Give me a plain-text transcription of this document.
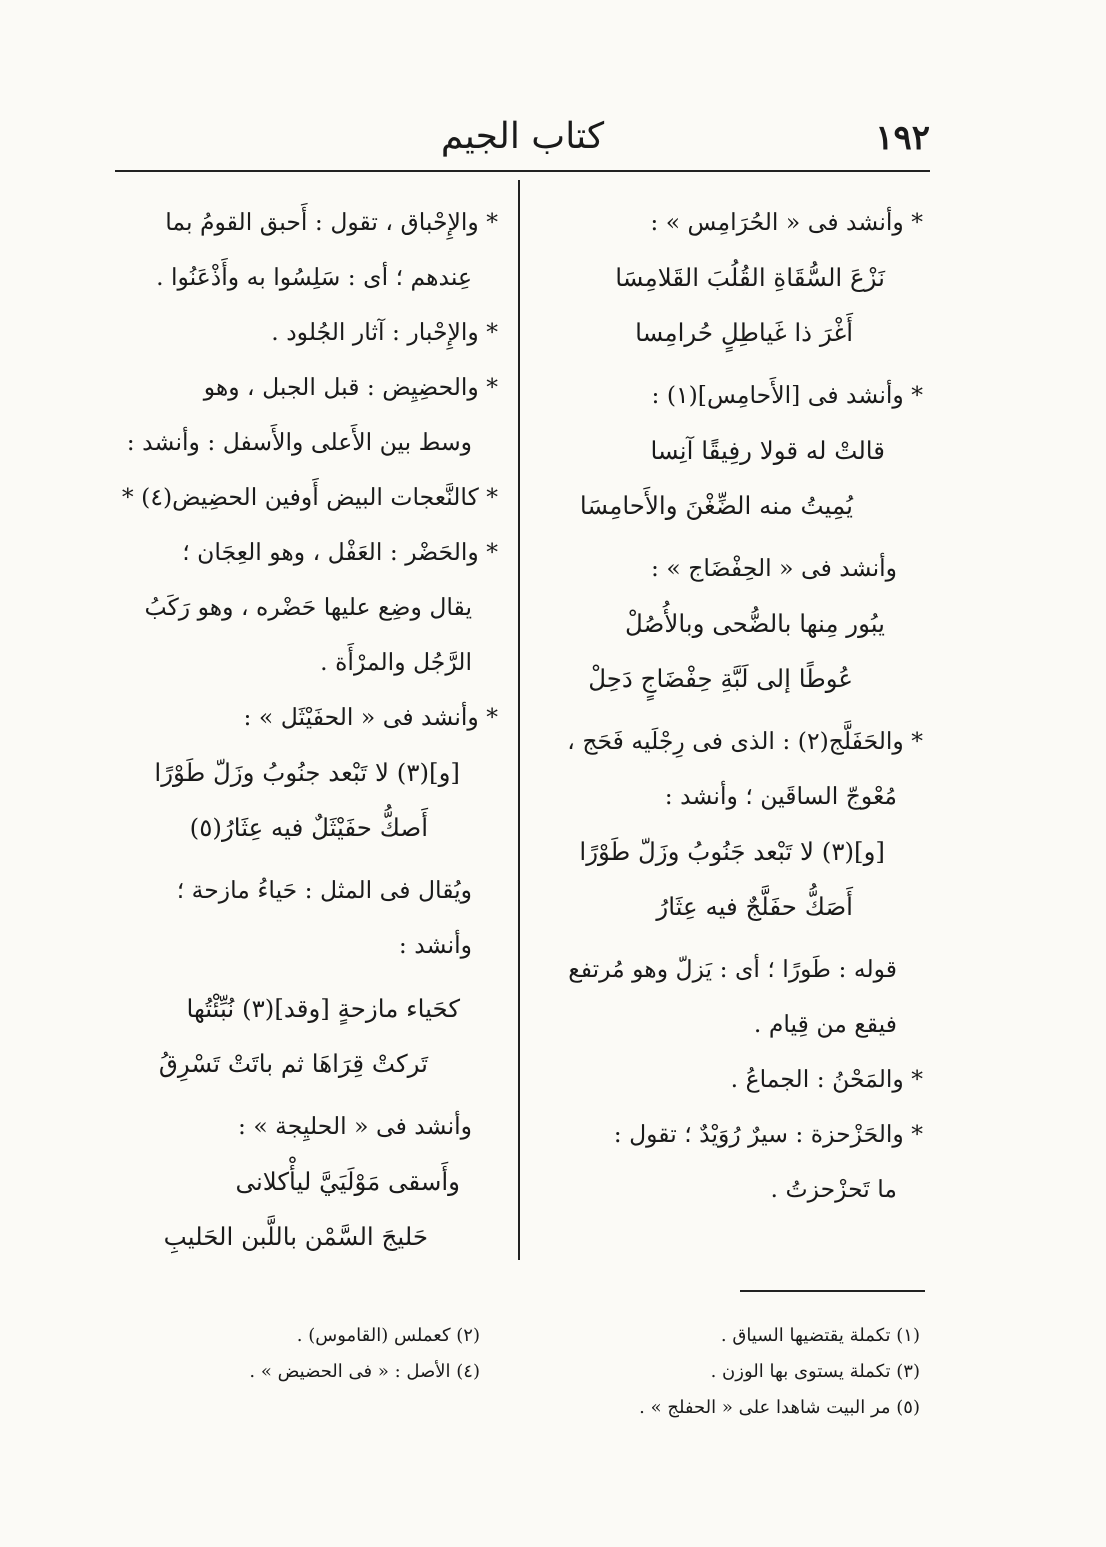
١٩٢
كتاب الجيم
* وأنشد فى « الحُرَامِس » :
نَزْعَ السُّقَاةِ القُلُبَ القَلامِسَا
أَغْرَ ذا غَياطِلٍ حُرامِسا
* وأنشد فى [الأَحامِس](١) :
قالتْ له قولا رفِيقًا آنِسا
يُمِيتُ منه الضِّغْنَ والأَحامِسَا
وأنشد فى « الحِفْضَاج » :
يبُور مِنها بالضُّحى وبالأُصُلْ
عُوطًا إلى لَبَّةِ حِفْضَاجٍ دَحِلْ
* والحَفَلَّج(٢) : الذى فى رِجْلَيه فَحَج ،
مُعْوجّ الساقَين ؛ وأنشد :
[و](٣) لا تَبْعد جَنُوبُ وزَلّ طَوْرًا
أَصَكُّ حفَلَّجٌ فيه عِثَارُ
قوله : طَورًا ؛ أى : يَزلّ وهو مُرتفع
فيقع من قِيام .
* والمَحْنُ : الجماعُ .
* والحَزْحزة : سيرٌ رُوَيْدٌ ؛ تقول :
ما تَحزْحزتُ .
* والإِحْباق ، تقول : أَحبق القومُ بما
عِندهم ؛ أى : سَلِسُوا به وأَذْعَنُوا .
* والإِحْبار : آثار الجُلود .
* والحضِيِض : قبل الجبل ، وهو
وسط بين الأَعلى والأَسفل : وأنشد :
* كالنَّعجات البيض أَوفين الحضِيض(٤) *
* والحَضْر : العَفْل ، وهو العِجَان ؛
يقال وضِع عليها حَضْره ، وهو رَكَبُ
الرَّجُل والمرْأَة .
* وأنشد فى « الحفَيْثَل » :
[و](٣) لا تَبْعد جنُوبُ وزَلّ طَوْرًا
أَصكُّ حفَيْثَلٌ فيه عِثَارُ(٥)
ويُقال فى المثل : حَياءُ مازحة ؛
وأنشد :
كحَياء مازحةٍ [وقد](٣) نُبِّئْتُها
تَركتْ قِرَاهَا ثم باتَتْ تَسْرِقُ
وأنشد فى « الحليِجة » :
وأَسقى مَوْلَيَيَّ ليأْكلانى
حَليجَ السَّمْن باللَّبن الحَليبِ
(١) تكملة يقتضيها السياق .
(٣) تكملة يستوى بها الوزن .
(٥) مر البيت شاهدا على « الحفلج » .
(٢) كعملس (القاموس) .
(٤) الأصل : « فى الحضيض » .
